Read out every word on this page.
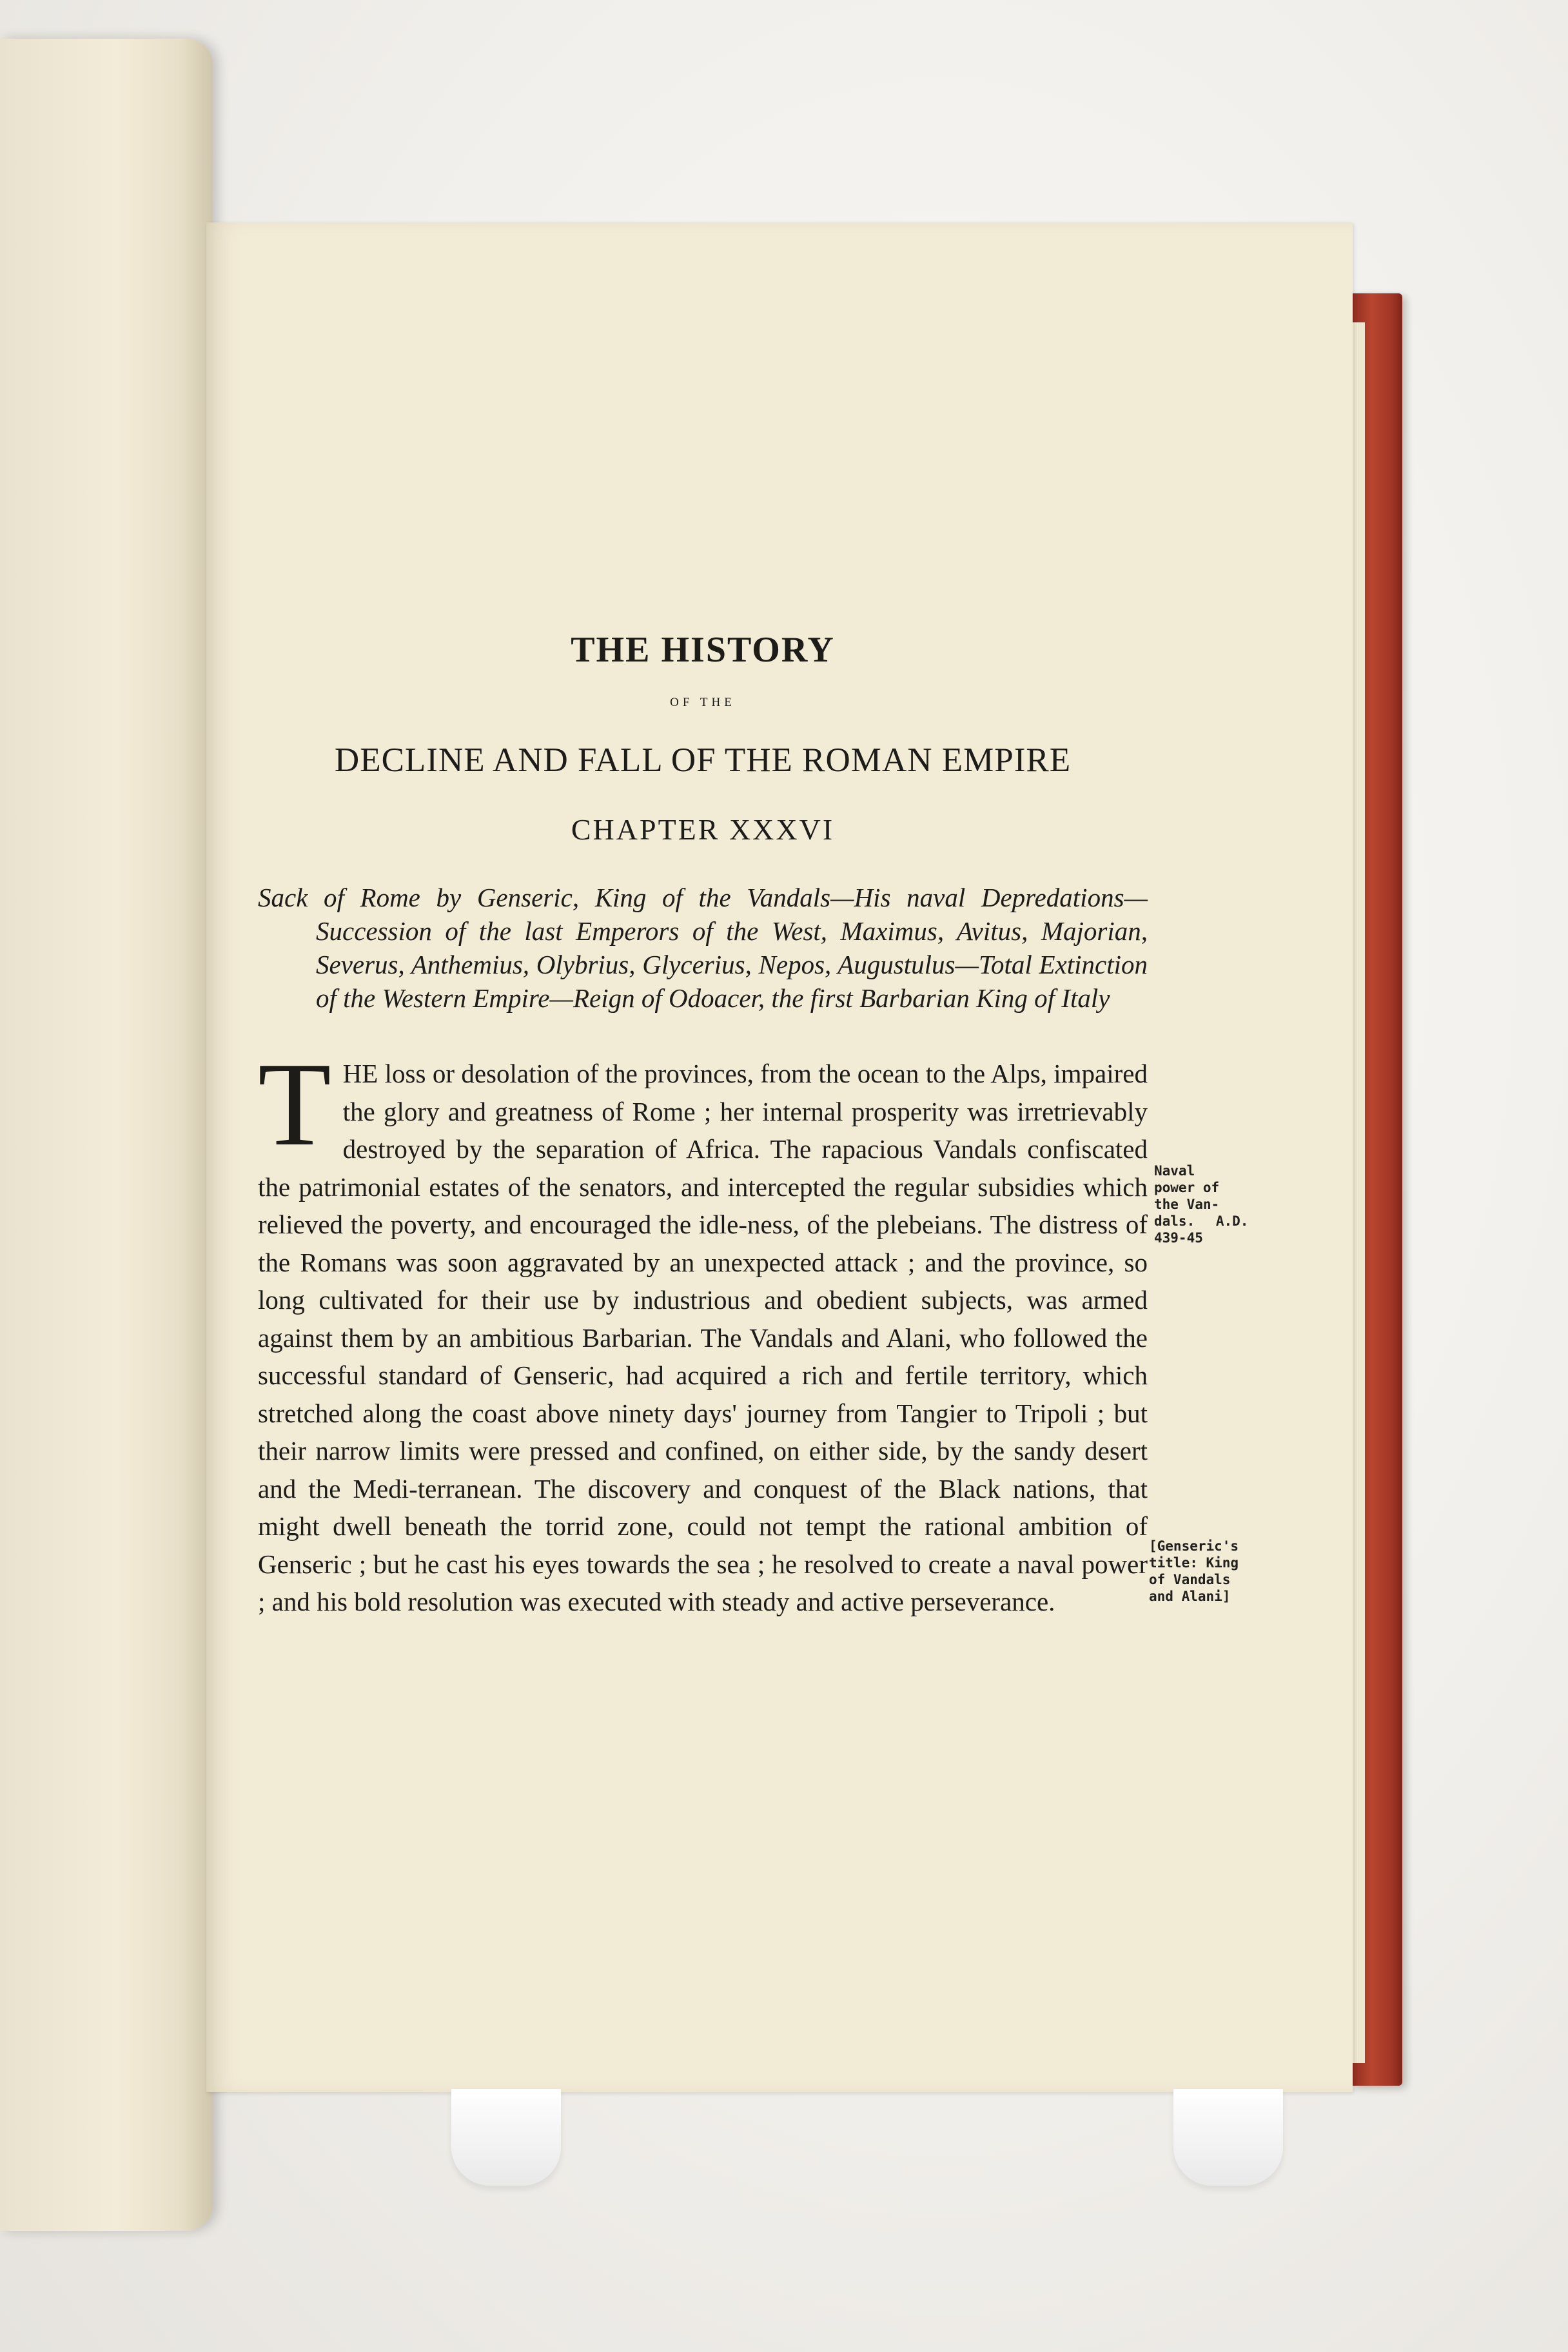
THE HISTORY
OF THE
DECLINE AND FALL OF THE ROMAN EMPIRE
CHAPTER XXXVI
Sack of Rome by Genseric, King of the Vandals—His naval Depredations—Succession of the last Emperors of the West, Maximus, Avitus, Majorian, Severus, Anthemius, Olybrius, Glycerius, Nepos, Augustulus—Total Extinction of the Western Empire—Reign of Odoacer, the first Barbarian King of Italy
THE loss or desolation of the provinces, from the ocean to the Alps, impaired the glory and greatness of Rome ; her internal prosperity was irretrievably destroyed by the separation of Africa. The rapacious Vandals confiscated the patrimonial estates of the senators, and intercepted the regular subsidies which relieved the poverty, and encouraged the idle-ness, of the plebeians. The distress of the Romans was soon aggravated by an unexpected attack ; and the province, so long cultivated for their use by industrious and obedient subjects, was armed against them by an ambitious Barbarian. The Vandals and Alani, who followed the successful standard of Genseric, had acquired a rich and fertile territory, which stretched along the coast above ninety days' journey from Tangier to Tripoli ; but their narrow limits were pressed and confined, on either side, by the sandy desert and the Medi-terranean. The discovery and conquest of the Black nations, that might dwell beneath the torrid zone, could not tempt the rational ambition of Genseric ; but he cast his eyes towards the sea ; he resolved to create a naval power ; and his bold resolution was executed with steady and active perseverance.
Naval
power of
the Van-
dals. A.D.
439-45
[Genseric's
title: King
of Vandals
and Alani]
